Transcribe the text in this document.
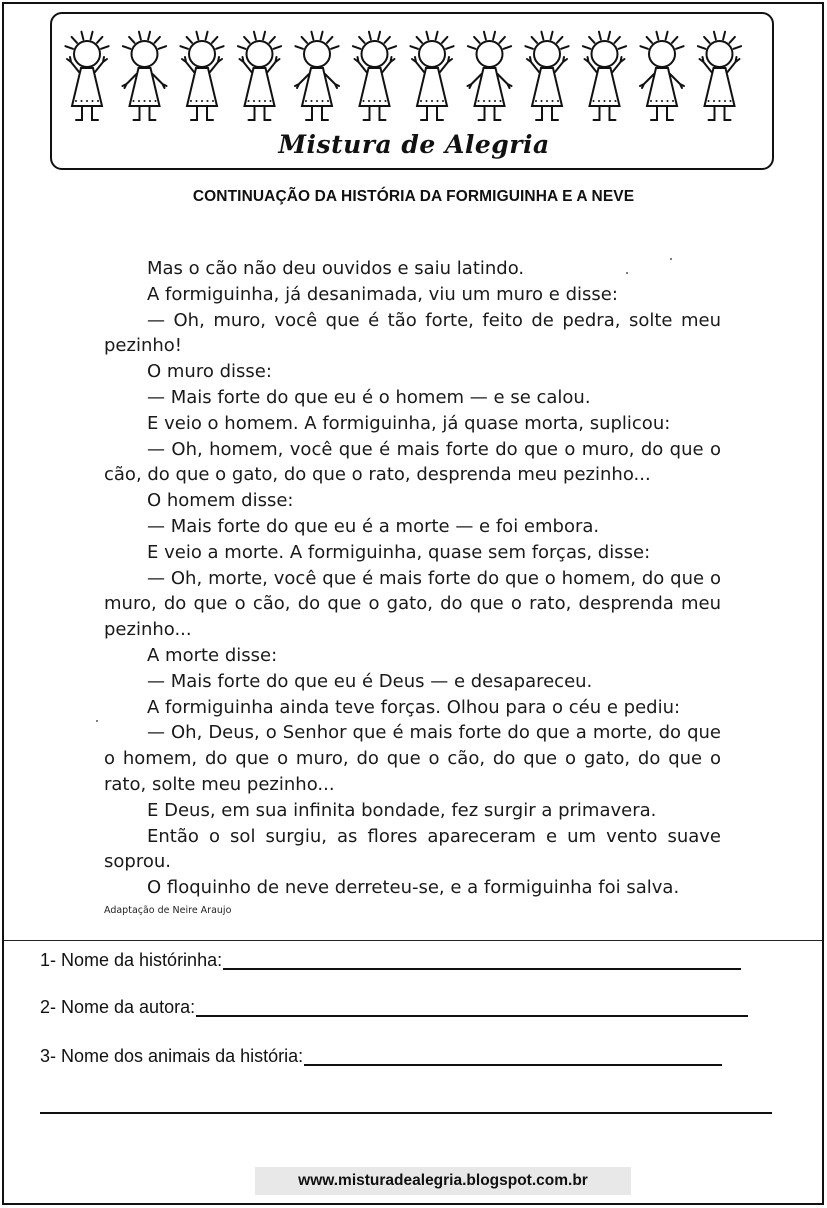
Mistura de Alegria
CONTINUAÇÃO DA HISTÓRIA DA FORMIGUINHA E A NEVE

Mas o cão não deu ouvidos e saiu latindo.

A formiguinha, já desanimada, viu um muro e disse:

— Oh, muro, você que é tão forte, feito de pedra, solte meu pezinho!

O muro disse:

— Mais forte do que eu é o homem — e se calou.

E veio o homem. A formiguinha, já quase morta, suplicou:

— Oh, homem, você que é mais forte do que o muro, do que o cão, do que o gato, do que o rato, desprenda meu pezinho...

O homem disse:

— Mais forte do que eu é a morte — e foi embora.

E veio a morte. A formiguinha, quase sem forças, disse:

— Oh, morte, você que é mais forte do que o homem, do que o muro, do que o cão, do que o gato, do que o rato, desprenda meu pezinho...

A morte disse:

— Mais forte do que eu é Deus — e desapareceu.

A formiguinha ainda teve forças. Olhou para o céu e pediu:

— Oh, Deus, o Senhor que é mais forte do que a morte, do que o homem, do que o muro, do que o cão, do que o gato, do que o rato, solte meu pezinho...

E Deus, em sua infinita bondade, fez surgir a primavera.

Então o sol surgiu, as flores apareceram e um vento suave soprou.

O floquinho de neve derreteu-se, e a formiguinha foi salva.

Adaptação de Neire Araujo
1- Nome da histórinha:
2- Nome da autora:
3- Nome dos animais da história:
www.misturadealegria.blogspot.com.br
